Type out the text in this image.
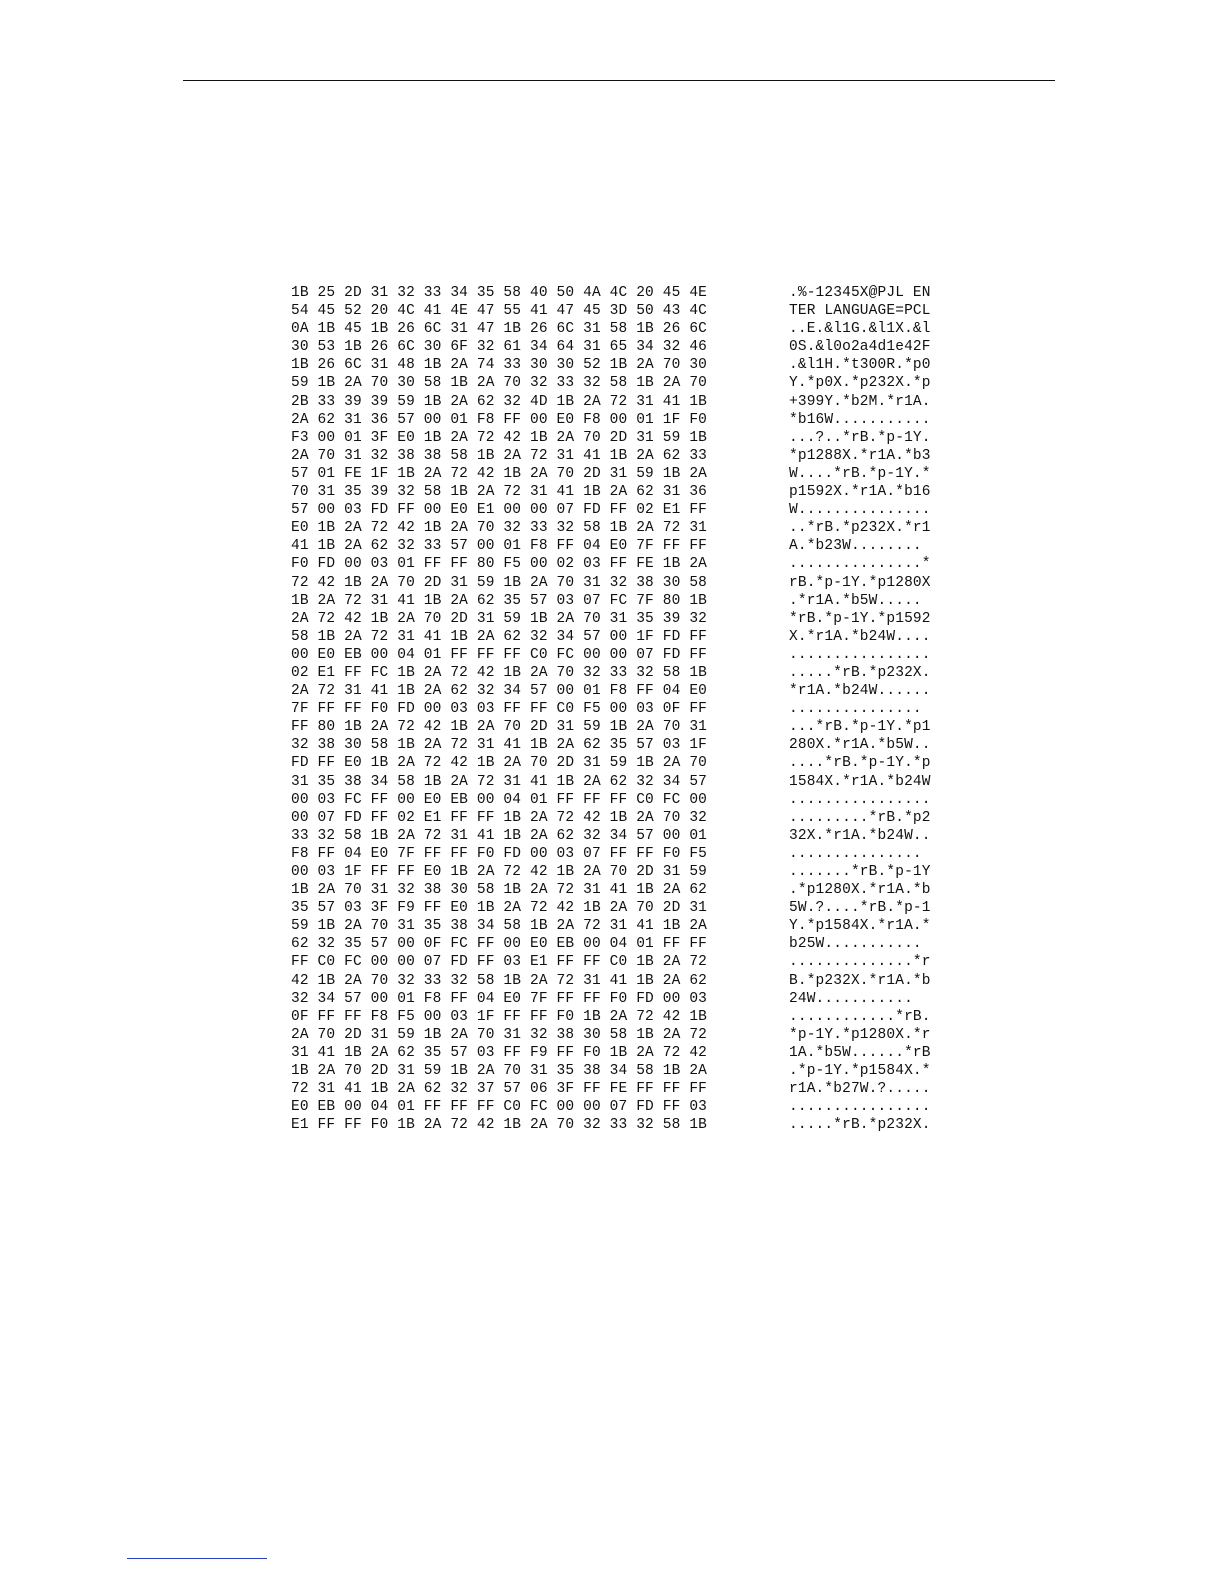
1B 25 2D 31 32 33 34 35 58 40 50 4A 4C 20 45 4E
54 45 52 20 4C 41 4E 47 55 41 47 45 3D 50 43 4C
0A 1B 45 1B 26 6C 31 47 1B 26 6C 31 58 1B 26 6C
30 53 1B 26 6C 30 6F 32 61 34 64 31 65 34 32 46
1B 26 6C 31 48 1B 2A 74 33 30 30 52 1B 2A 70 30
59 1B 2A 70 30 58 1B 2A 70 32 33 32 58 1B 2A 70
2B 33 39 39 59 1B 2A 62 32 4D 1B 2A 72 31 41 1B
2A 62 31 36 57 00 01 F8 FF 00 E0 F8 00 01 1F F0
F3 00 01 3F E0 1B 2A 72 42 1B 2A 70 2D 31 59 1B
2A 70 31 32 38 38 58 1B 2A 72 31 41 1B 2A 62 33
57 01 FE 1F 1B 2A 72 42 1B 2A 70 2D 31 59 1B 2A
70 31 35 39 32 58 1B 2A 72 31 41 1B 2A 62 31 36
57 00 03 FD FF 00 E0 E1 00 00 07 FD FF 02 E1 FF
E0 1B 2A 72 42 1B 2A 70 32 33 32 58 1B 2A 72 31
41 1B 2A 62 32 33 57 00 01 F8 FF 04 E0 7F FF FF
F0 FD 00 03 01 FF FF 80 F5 00 02 03 FF FE 1B 2A
72 42 1B 2A 70 2D 31 59 1B 2A 70 31 32 38 30 58
1B 2A 72 31 41 1B 2A 62 35 57 03 07 FC 7F 80 1B
2A 72 42 1B 2A 70 2D 31 59 1B 2A 70 31 35 39 32
58 1B 2A 72 31 41 1B 2A 62 32 34 57 00 1F FD FF
00 E0 EB 00 04 01 FF FF FF C0 FC 00 00 07 FD FF
02 E1 FF FC 1B 2A 72 42 1B 2A 70 32 33 32 58 1B
2A 72 31 41 1B 2A 62 32 34 57 00 01 F8 FF 04 E0
7F FF FF F0 FD 00 03 03 FF FF C0 F5 00 03 0F FF
FF 80 1B 2A 72 42 1B 2A 70 2D 31 59 1B 2A 70 31
32 38 30 58 1B 2A 72 31 41 1B 2A 62 35 57 03 1F
FD FF E0 1B 2A 72 42 1B 2A 70 2D 31 59 1B 2A 70
31 35 38 34 58 1B 2A 72 31 41 1B 2A 62 32 34 57
00 03 FC FF 00 E0 EB 00 04 01 FF FF FF C0 FC 00
00 07 FD FF 02 E1 FF FF 1B 2A 72 42 1B 2A 70 32
33 32 58 1B 2A 72 31 41 1B 2A 62 32 34 57 00 01
F8 FF 04 E0 7F FF FF F0 FD 00 03 07 FF FF F0 F5
00 03 1F FF FF E0 1B 2A 72 42 1B 2A 70 2D 31 59
1B 2A 70 31 32 38 30 58 1B 2A 72 31 41 1B 2A 62
35 57 03 3F F9 FF E0 1B 2A 72 42 1B 2A 70 2D 31
59 1B 2A 70 31 35 38 34 58 1B 2A 72 31 41 1B 2A
62 32 35 57 00 0F FC FF 00 E0 EB 00 04 01 FF FF
FF C0 FC 00 00 07 FD FF 03 E1 FF FF C0 1B 2A 72
42 1B 2A 70 32 33 32 58 1B 2A 72 31 41 1B 2A 62
32 34 57 00 01 F8 FF 04 E0 7F FF FF F0 FD 00 03
0F FF FF F8 F5 00 03 1F FF FF F0 1B 2A 72 42 1B
2A 70 2D 31 59 1B 2A 70 31 32 38 30 58 1B 2A 72
31 41 1B 2A 62 35 57 03 FF F9 FF F0 1B 2A 72 42
1B 2A 70 2D 31 59 1B 2A 70 31 35 38 34 58 1B 2A
72 31 41 1B 2A 62 32 37 57 06 3F FF FE FF FF FF
E0 EB 00 04 01 FF FF FF C0 FC 00 00 07 FD FF 03
E1 FF FF F0 1B 2A 72 42 1B 2A 70 32 33 32 58 1B
.%-12345X@PJL EN
TER LANGUAGE=PCL
..E.&l1G.&l1X.&l
0S.&l0o2a4d1e42F
.&l1H.*t300R.*p0
Y.*p0X.*p232X.*p
+399Y.*b2M.*r1A.
*b16W...........
...?..*rB.*p-1Y.
*p1288X.*r1A.*b3
W....*rB.*p-1Y.*
p1592X.*r1A.*b16
W...............
..*rB.*p232X.*r1
A.*b23W........
...............*
rB.*p-1Y.*p1280X
.*r1A.*b5W.....
*rB.*p-1Y.*p1592
X.*r1A.*b24W....
................
.....*rB.*p232X.
*r1A.*b24W......
...............
...*rB.*p-1Y.*p1
280X.*r1A.*b5W..
....*rB.*p-1Y.*p
1584X.*r1A.*b24W
................
.........*rB.*p2
32X.*r1A.*b24W..
...............
.......*rB.*p-1Y
.*p1280X.*r1A.*b
5W.?....*rB.*p-1
Y.*p1584X.*r1A.*
b25W...........
..............*r
B.*p232X.*r1A.*b
24W...........
............*rB.
*p-1Y.*p1280X.*r
1A.*b5W......*rB
.*p-1Y.*p1584X.*
r1A.*b27W.?.....
................
.....*rB.*p232X.
